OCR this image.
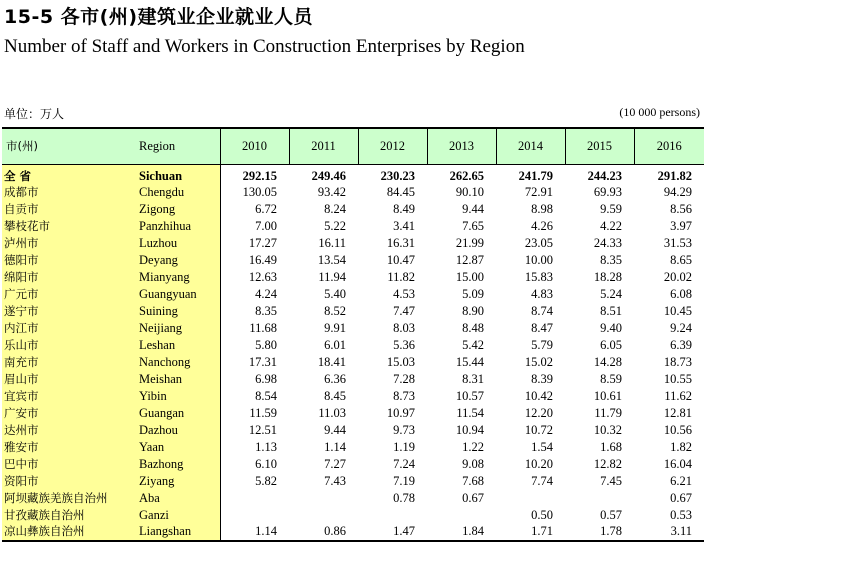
15-5 各市(州)建筑业企业就业人员
Number of Staff and Workers in Construction Enterprises by Region
单位：万人	(10 000 persons)
市(州)	Region	2010	2011	2012	2013	2014	2015	2016
全 省	Sichuan	292.15	249.46	230.23	262.65	241.79	244.23	291.82
成都市	Chengdu	130.05	93.42	84.45	90.10	72.91	69.93	94.29
自贡市	Zigong	6.72	8.24	8.49	9.44	8.98	9.59	8.56
攀枝花市	Panzhihua	7.00	5.22	3.41	7.65	4.26	4.22	3.97
泸州市	Luzhou	17.27	16.11	16.31	21.99	23.05	24.33	31.53
德阳市	Deyang	16.49	13.54	10.47	12.87	10.00	8.35	8.65
绵阳市	Mianyang	12.63	11.94	11.82	15.00	15.83	18.28	20.02
广元市	Guangyuan	4.24	5.40	4.53	5.09	4.83	5.24	6.08
遂宁市	Suining	8.35	8.52	7.47	8.90	8.74	8.51	10.45
内江市	Neijiang	11.68	9.91	8.03	8.48	8.47	9.40	9.24
乐山市	Leshan	5.80	6.01	5.36	5.42	5.79	6.05	6.39
南充市	Nanchong	17.31	18.41	15.03	15.44	15.02	14.28	18.73
眉山市	Meishan	6.98	6.36	7.28	8.31	8.39	8.59	10.55
宜宾市	Yibin	8.54	8.45	8.73	10.57	10.42	10.61	11.62
广安市	Guangan	11.59	11.03	10.97	11.54	12.20	11.79	12.81
达州市	Dazhou	12.51	9.44	9.73	10.94	10.72	10.32	10.56
雅安市	Yaan	1.13	1.14	1.19	1.22	1.54	1.68	1.82
巴中市	Bazhong	6.10	7.27	7.24	9.08	10.20	12.82	16.04
资阳市	Ziyang	5.82	7.43	7.19	7.68	7.74	7.45	6.21
阿坝藏族羌族自治州	Aba			0.78	0.67			0.67
甘孜藏族自治州	Ganzi					0.50	0.57	0.53
凉山彝族自治州	Liangshan	1.14	0.86	1.47	1.84	1.71	1.78	3.11
